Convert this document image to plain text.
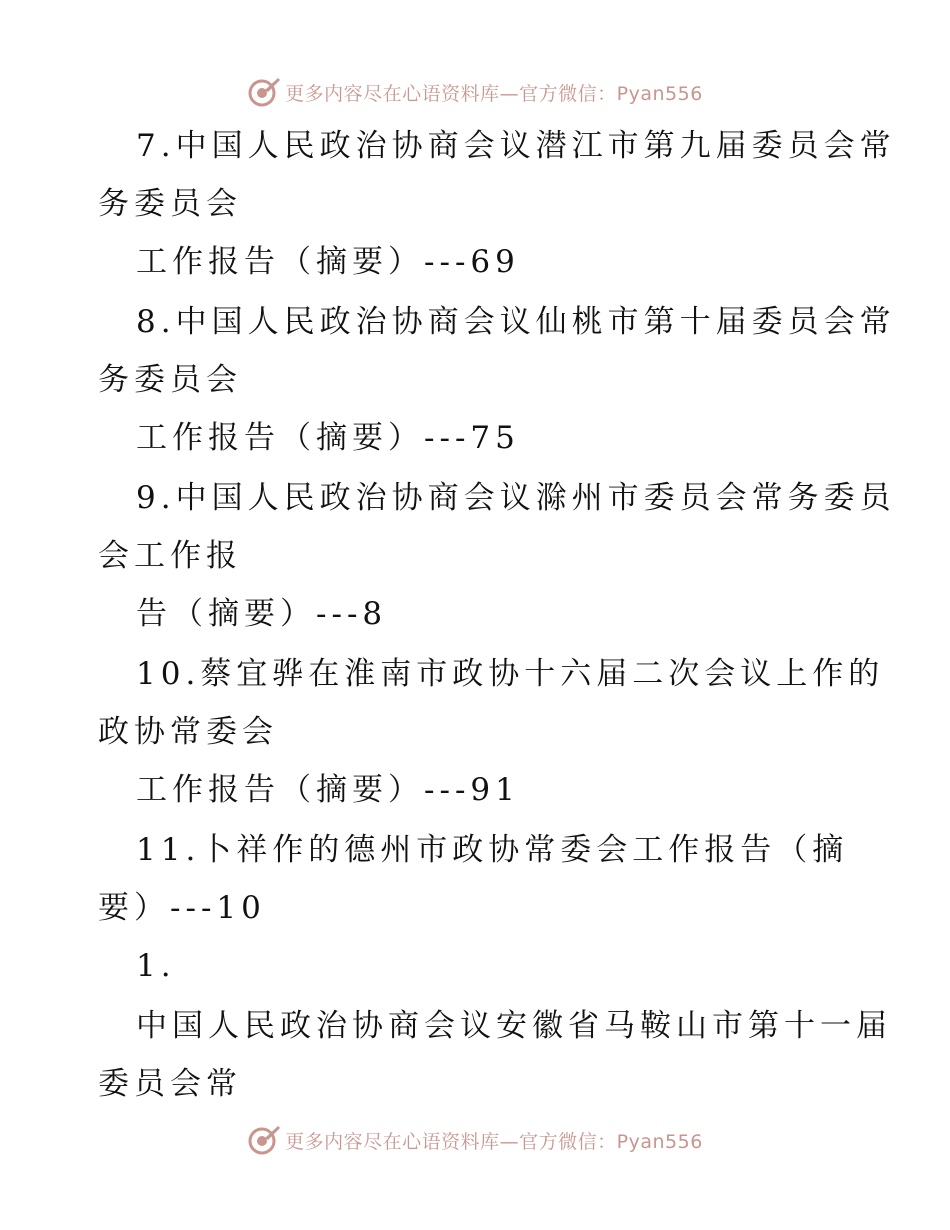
更多内容尽在心语资料库—官方微信：Pyan556
7.中国人民政治协商会议潜江市第九届委员会常
务委员会
工作报告（摘要）---69
8.中国人民政治协商会议仙桃市第十届委员会常
务委员会
工作报告（摘要）---75
9.中国人民政治协商会议滁州市委员会常务委员
会工作报
告（摘要）---8
10.蔡宜骅在淮南市政协十六届二次会议上作的
政协常委会
工作报告（摘要）---91
11.卜祥作的德州市政协常委会工作报告（摘
要）---10
1.
中国人民政治协商会议安徽省马鞍山市第十一届
委员会常
更多内容尽在心语资料库—官方微信：Pyan556
